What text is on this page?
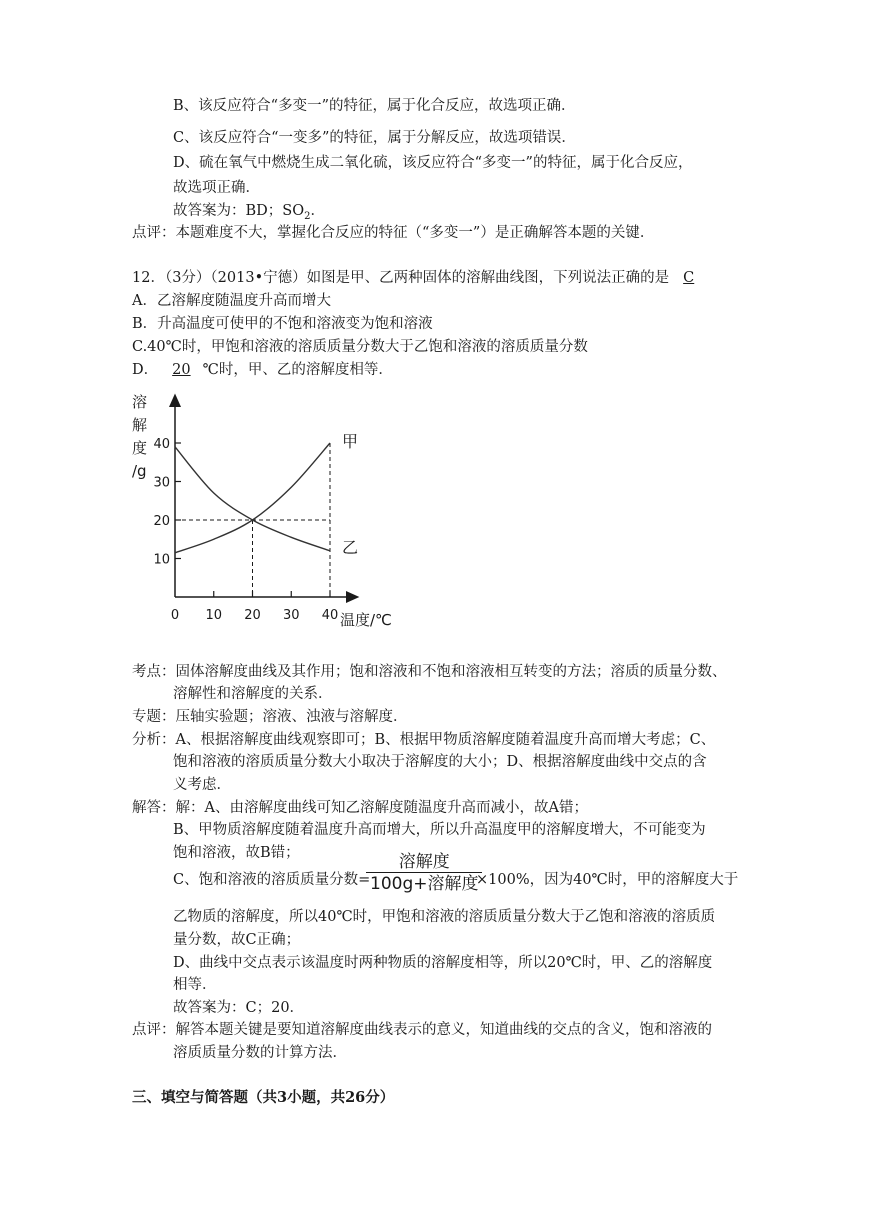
B、该反应符合“多变一”的特征，属于化合反应，故选项正确．
C、该反应符合“一变多”的特征，属于分解反应，故选项错误．
D、硫在氧气中燃烧生成二氧化硫，该反应符合“多变一”的特征，属于化合反应，
故选项正确．
故答案为：BD；$SO_2$．
点评：本题难度不大，掌握化合反应的特征（“多变一”）是正确解答本题的关键．
12．（3分）（2013•宁德）如图是甲、乙两种固体的溶解曲线图，下列说法正确的是 C
A．乙溶解度随温度升高而增大
B．升高温度可使甲的不饱和溶液变为饱和溶液
C.40℃时，甲饱和溶液的溶质质量分数大于乙饱和溶液的溶质质量分数
D． 20 ℃时，甲、乙的溶解度相等．
10
20
30
40
0 10 20 30 40
溶
解
度
/g
温度/℃
甲
乙
考点：固体溶解度曲线及其作用；饱和溶液和不饱和溶液相互转变的方法；溶质的质量分数、
溶解性和溶解度的关系．
专题：压轴实验题；溶液、浊液与溶解度．
分析：A、根据溶解度曲线观察即可；B、根据甲物质溶解度随着温度升高而增大考虑；C、
饱和溶液的溶质质量分数大小取决于溶解度的大小；D、根据溶解度曲线中交点的含
义考虑．
解答：解：A、由溶解度曲线可知乙溶解度随温度升高而减小，故A错；
B、甲物质溶解度随着温度升高而增大，所以升高温度甲的溶解度增大，不可能变为
饱和溶液，故B错；
C、饱和溶液的溶质质量分数=
溶解度
100g+溶解度
×100%，因为40℃时，甲的溶解度大于
乙物质的溶解度，所以40℃时，甲饱和溶液的溶质质量分数大于乙饱和溶液的溶质质
量分数，故C正确；
D、曲线中交点表示该温度时两种物质的溶解度相等，所以20℃时，甲、乙的溶解度
相等．
故答案为：C；20．
点评：解答本题关键是要知道溶解度曲线表示的意义，知道曲线的交点的含义，饱和溶液的
溶质质量分数的计算方法．
三、填空与简答题（共3小题，共26分）
